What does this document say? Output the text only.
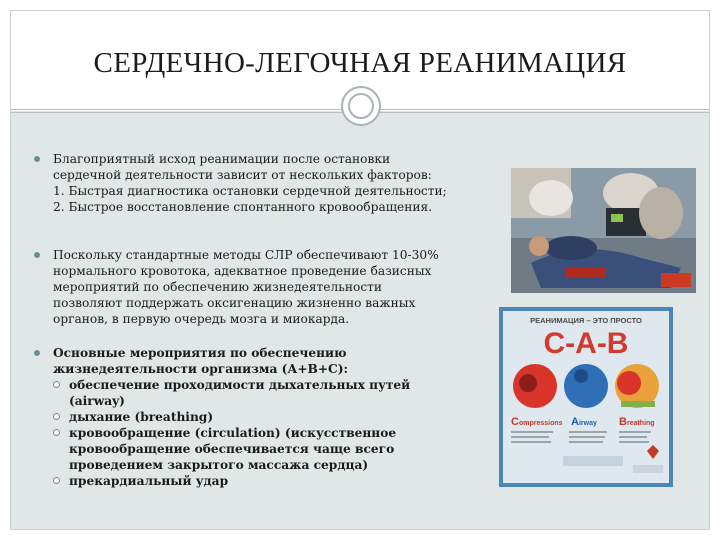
СЕРДЕЧНО-ЛЕГОЧНАЯ РЕАНИМАЦИЯ
Благоприятный исход реанимации после остановки
сердечной деятельности зависит от нескольких факторов:
1. Быстрая диагностика остановки сердечной деятельности;
2. Быстрое восстановление спонтанного кровообращения.
Поскольку стандартные методы СЛР обеспечивают 10-30%
нормального кровотока, адекватное проведение базисных
мероприятий по обеспечению жизнедеятельности
позволяют поддержать оксигенацию жизненно важных
органов, в первую очередь мозга и миокарда.
Основные мероприятия по обеспечению
жизнедеятельности организма (А+В+С):
обеспечение проходимости дыхательных путей
(airway)
дыхание (breathing)
кровообращение (circulation) (искусственное
кровообращение обеспечивается чаще всего
проведением закрытого массажа сердца)
прекардиальный удар
РЕАНИМАЦИЯ – ЭТО ПРОСТО
C-A-B
Compressions Airway Breathing
